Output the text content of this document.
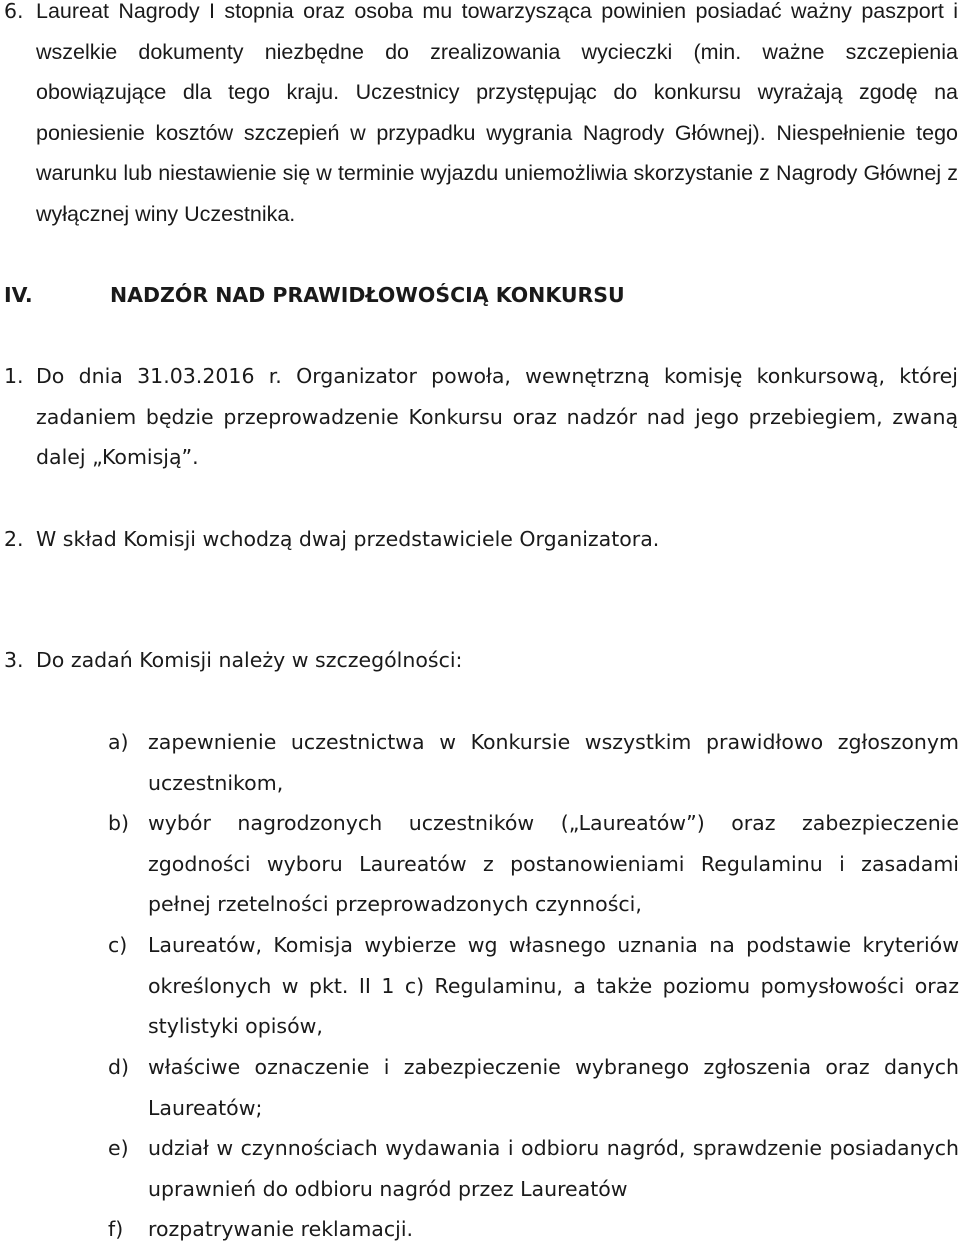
6. Laureat Nagrody I stopnia oraz osoba mu towarzysząca powinien posiadać ważny paszport i wszelkie dokumenty niezbędne do zrealizowania wycieczki (min. ważne szczepienia obowiązujące dla tego kraju. Uczestnicy przystępując do konkursu wyrażają zgodę na poniesienie kosztów szczepień w przypadku wygrania Nagrody Głównej). Niespełnienie tego warunku lub niestawienie się w terminie wyjazdu uniemożliwia skorzystanie z Nagrody Głównej z wyłącznej winy Uczestnika.
IV.	NADZÓR NAD PRAWIDŁOWOŚCIĄ KONKURSU
1. Do dnia 31.03.2016 r. Organizator powoła, wewnętrzną komisję konkursową, której zadaniem będzie przeprowadzenie Konkursu oraz nadzór nad jego przebiegiem, zwaną dalej „Komisją”.
2. W skład Komisji wchodzą dwaj przedstawiciele Organizatora.
3. Do zadań Komisji należy w szczególności:
a) zapewnienie uczestnictwa w Konkursie wszystkim prawidłowo zgłoszonym uczestnikom,
b) wybór nagrodzonych uczestników („Laureatów”) oraz zabezpieczenie zgodności wyboru Laureatów z postanowieniami Regulaminu i zasadami pełnej rzetelności przeprowadzonych czynności,
c)	Laureatów, Komisja wybierze wg własnego uznania na podstawie kryteriów określonych w pkt. II 1 c) Regulaminu, a także poziomu pomysłowości oraz stylistyki opisów,
d) właściwe oznaczenie i zabezpieczenie wybranego zgłoszenia oraz danych Laureatów;
e) udział w czynnościach wydawania i odbioru nagród, sprawdzenie posiadanych uprawnień do odbioru nagród przez Laureatów
f)	rozpatrywanie reklamacji.
